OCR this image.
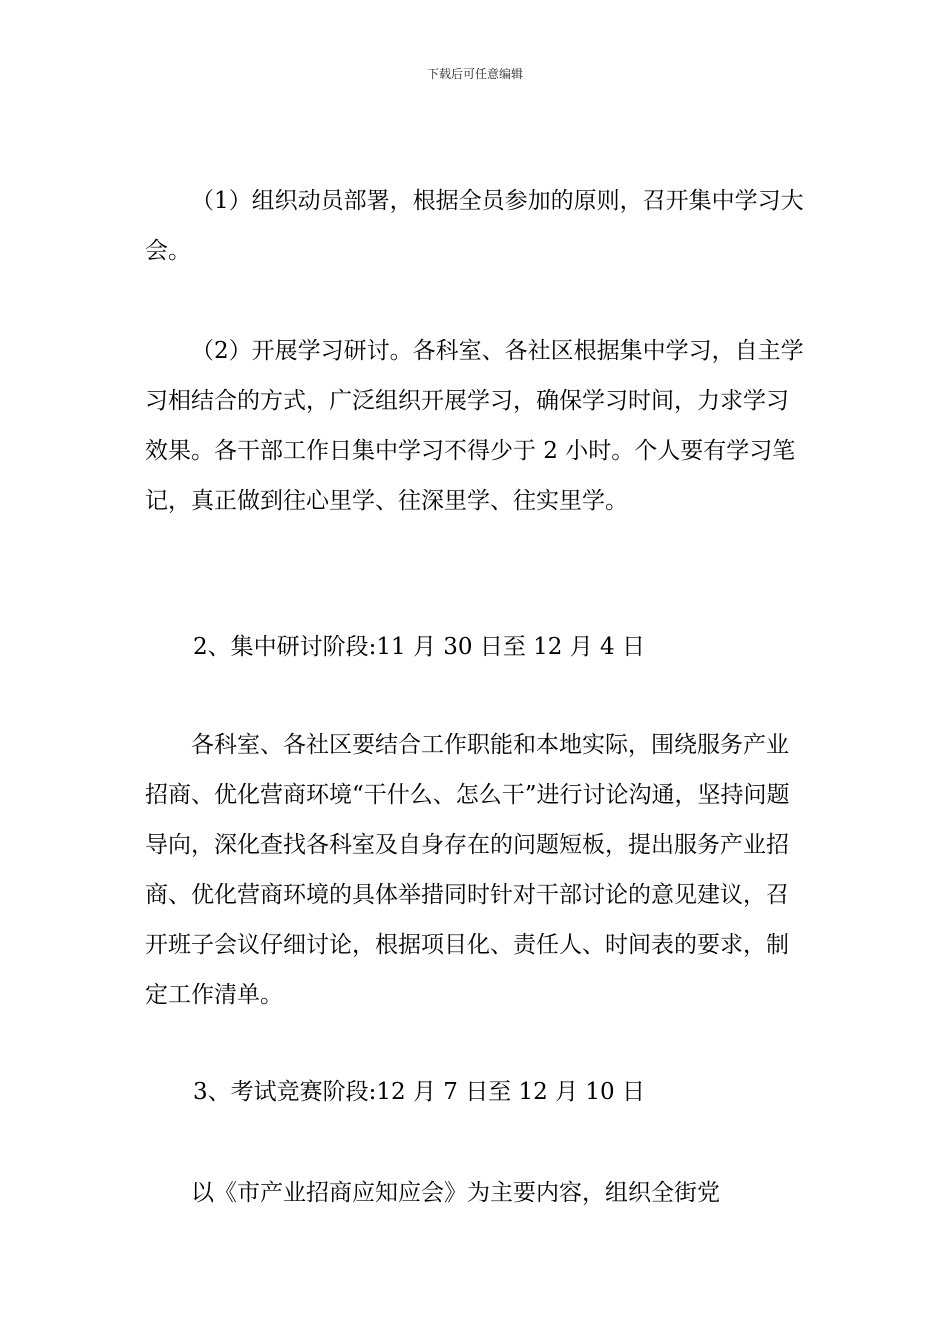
下载后可任意编辑

（1）组织动员部署，根据全员参加的原则，召开集中学习大会。

（2）开展学习研讨。各科室、各社区根据集中学习，自主学习相结合的方式，广泛组织开展学习，确保学习时间，力求学习效果。各干部工作日集中学习不得少于 2 小时。个人要有学习笔记，真正做到往心里学、往深里学、往实里学。

2、集中研讨阶段:11 月 30 日至 12 月 4 日

各科室、各社区要结合工作职能和本地实际，围绕服务产业招商、优化营商环境“干什么、怎么干”进行讨论沟通，坚持问题导向，深化查找各科室及自身存在的问题短板，提出服务产业招商、优化营商环境的具体举措同时针对干部讨论的意见建议，召开班子会议仔细讨论，根据项目化、责任人、时间表的要求，制定工作清单。

3、考试竞赛阶段:12 月 7 日至 12 月 10 日

以《市产业招商应知应会》为主要内容，组织全街党
